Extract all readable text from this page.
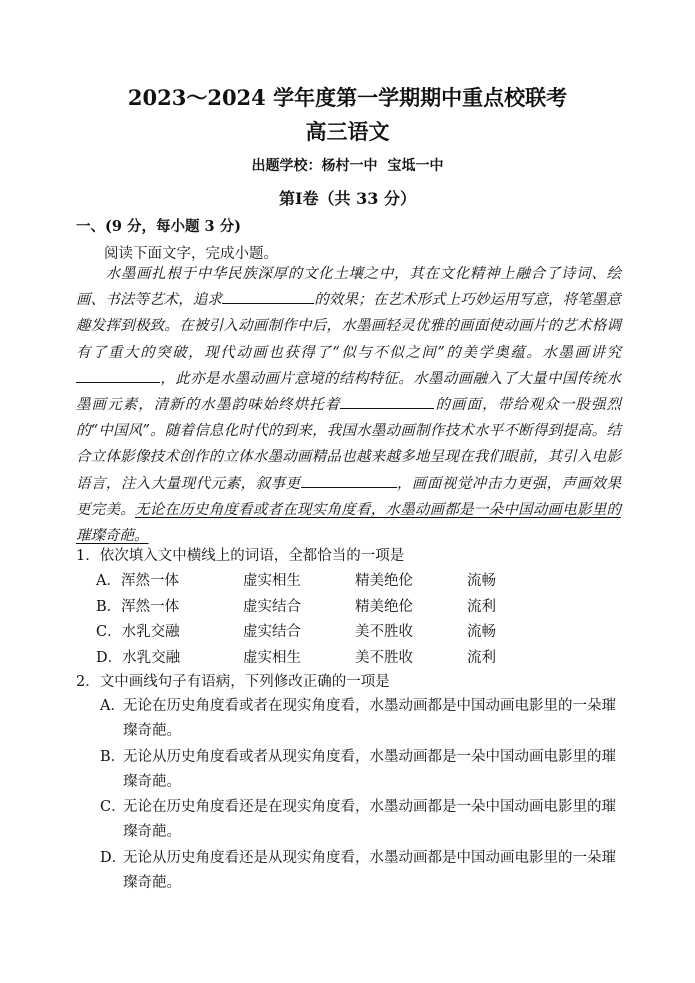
2023～2024 学年度第一学期期中重点校联考
高三语文
出题学校：杨村一中 宝坻一中
第Ⅰ卷（共 33 分）
一、(9 分，每小题 3 分)
阅读下面文字，完成小题。
水墨画扎根于中华民族深厚的文化土壤之中，其在文化精神上融合了诗词、绘画、书法等艺术，追求	的效果；在艺术形式上巧妙运用写意，将笔墨意趣发挥到极致。在被引入动画制作中后，水墨画轻灵优雅的画面使动画片的艺术格调有了重大的突破，现代动画也获得了“似与不似之间”的美学奥蕴。水墨画讲究，此亦是水墨动画片意境的结构特征。水墨动画融入了大量中国传统水墨画元素，清新的水墨韵味始终烘托着	的画面，带给观众一股强烈的“中国风”。随着信息化时代的到来，我国水墨动画制作技术水平不断得到提高。结合立体影像技术创作的立体水墨动画精品也越来越多地呈现在我们眼前，其引入电影语言，注入大量现代元素，叙事更	，画面视觉冲击力更强，声画效果更完美。无论在历史角度看或者在现实角度看，水墨动画都是一朵中国动画电影里的璀璨奇葩。
1．依次填入文中横线上的词语，全都恰当的一项是
A．浑然一体	虚实相生	精美绝伦	流畅
B．浑然一体	虚实结合	精美绝伦	流利
C．水乳交融	虚实结合	美不胜收	流畅
D．水乳交融	虚实相生	美不胜收	流利
2．文中画线句子有语病，下列修改正确的一项是
A．
无论在历史角度看或者在现实角度看，水墨动画都是中国动画电影里的一朵璀璨奇葩。
B．
无论从历史角度看或者从现实角度看，水墨动画都是一朵中国动画电影里的璀璨奇葩。
C．
无论在历史角度看还是在现实角度看，水墨动画都是一朵中国动画电影里的璀璨奇葩。
D．
无论从历史角度看还是从现实角度看，水墨动画都是中国动画电影里的一朵璀璨奇葩。
